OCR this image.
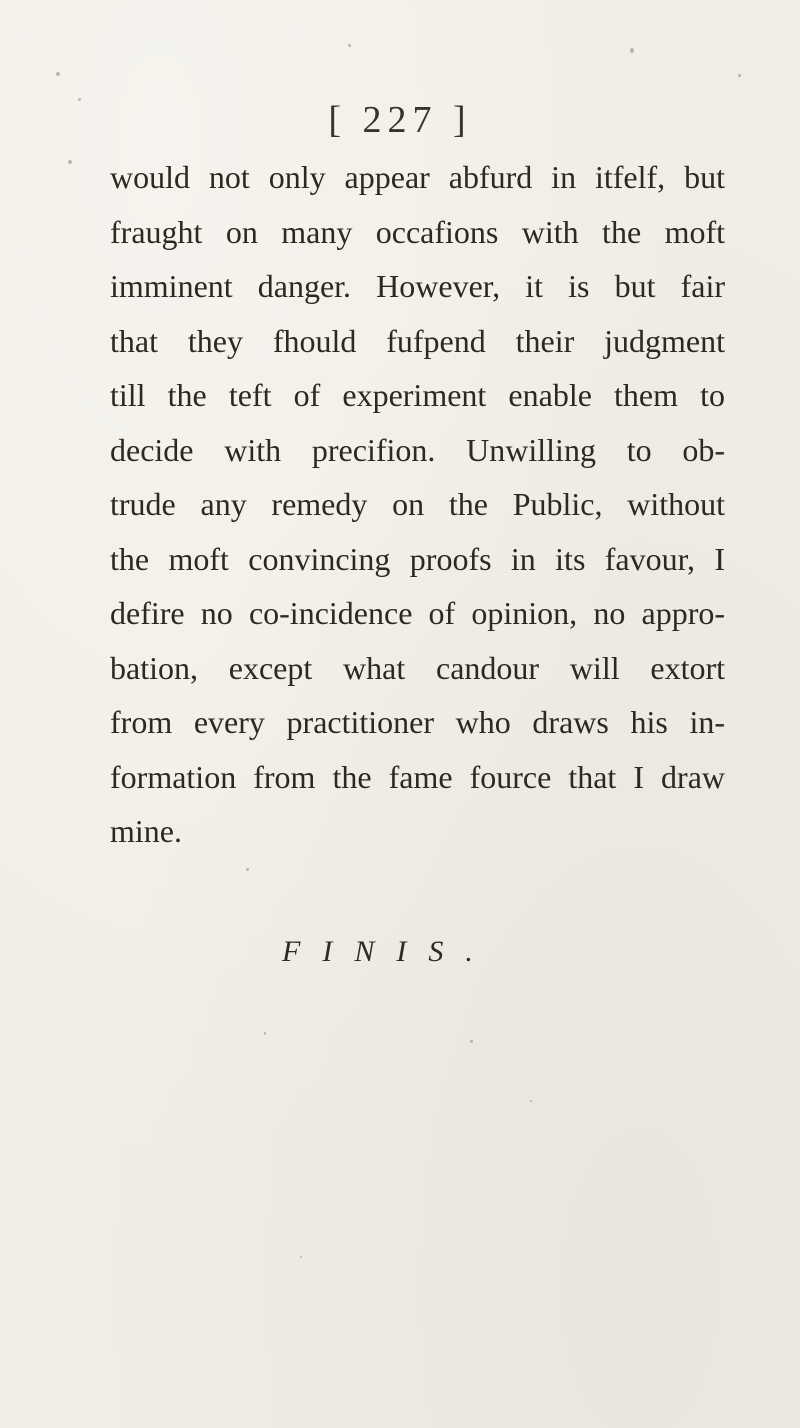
[ 227 ]
would not only appear abfurd in itfelf, but
fraught on many occafions with the moft
imminent danger. However, it is but fair
that they fhould fufpend their judgment
till the teft of experiment enable them to
decide with precifion. Unwilling to ob-
trude any remedy on the Public, without
the moft convincing proofs in its favour, I
defire no co-incidence of opinion, no appro-
bation, except what candour will extort
from every practitioner who draws his in-
formation from the fame fource that I draw
mine.
FINIS.
